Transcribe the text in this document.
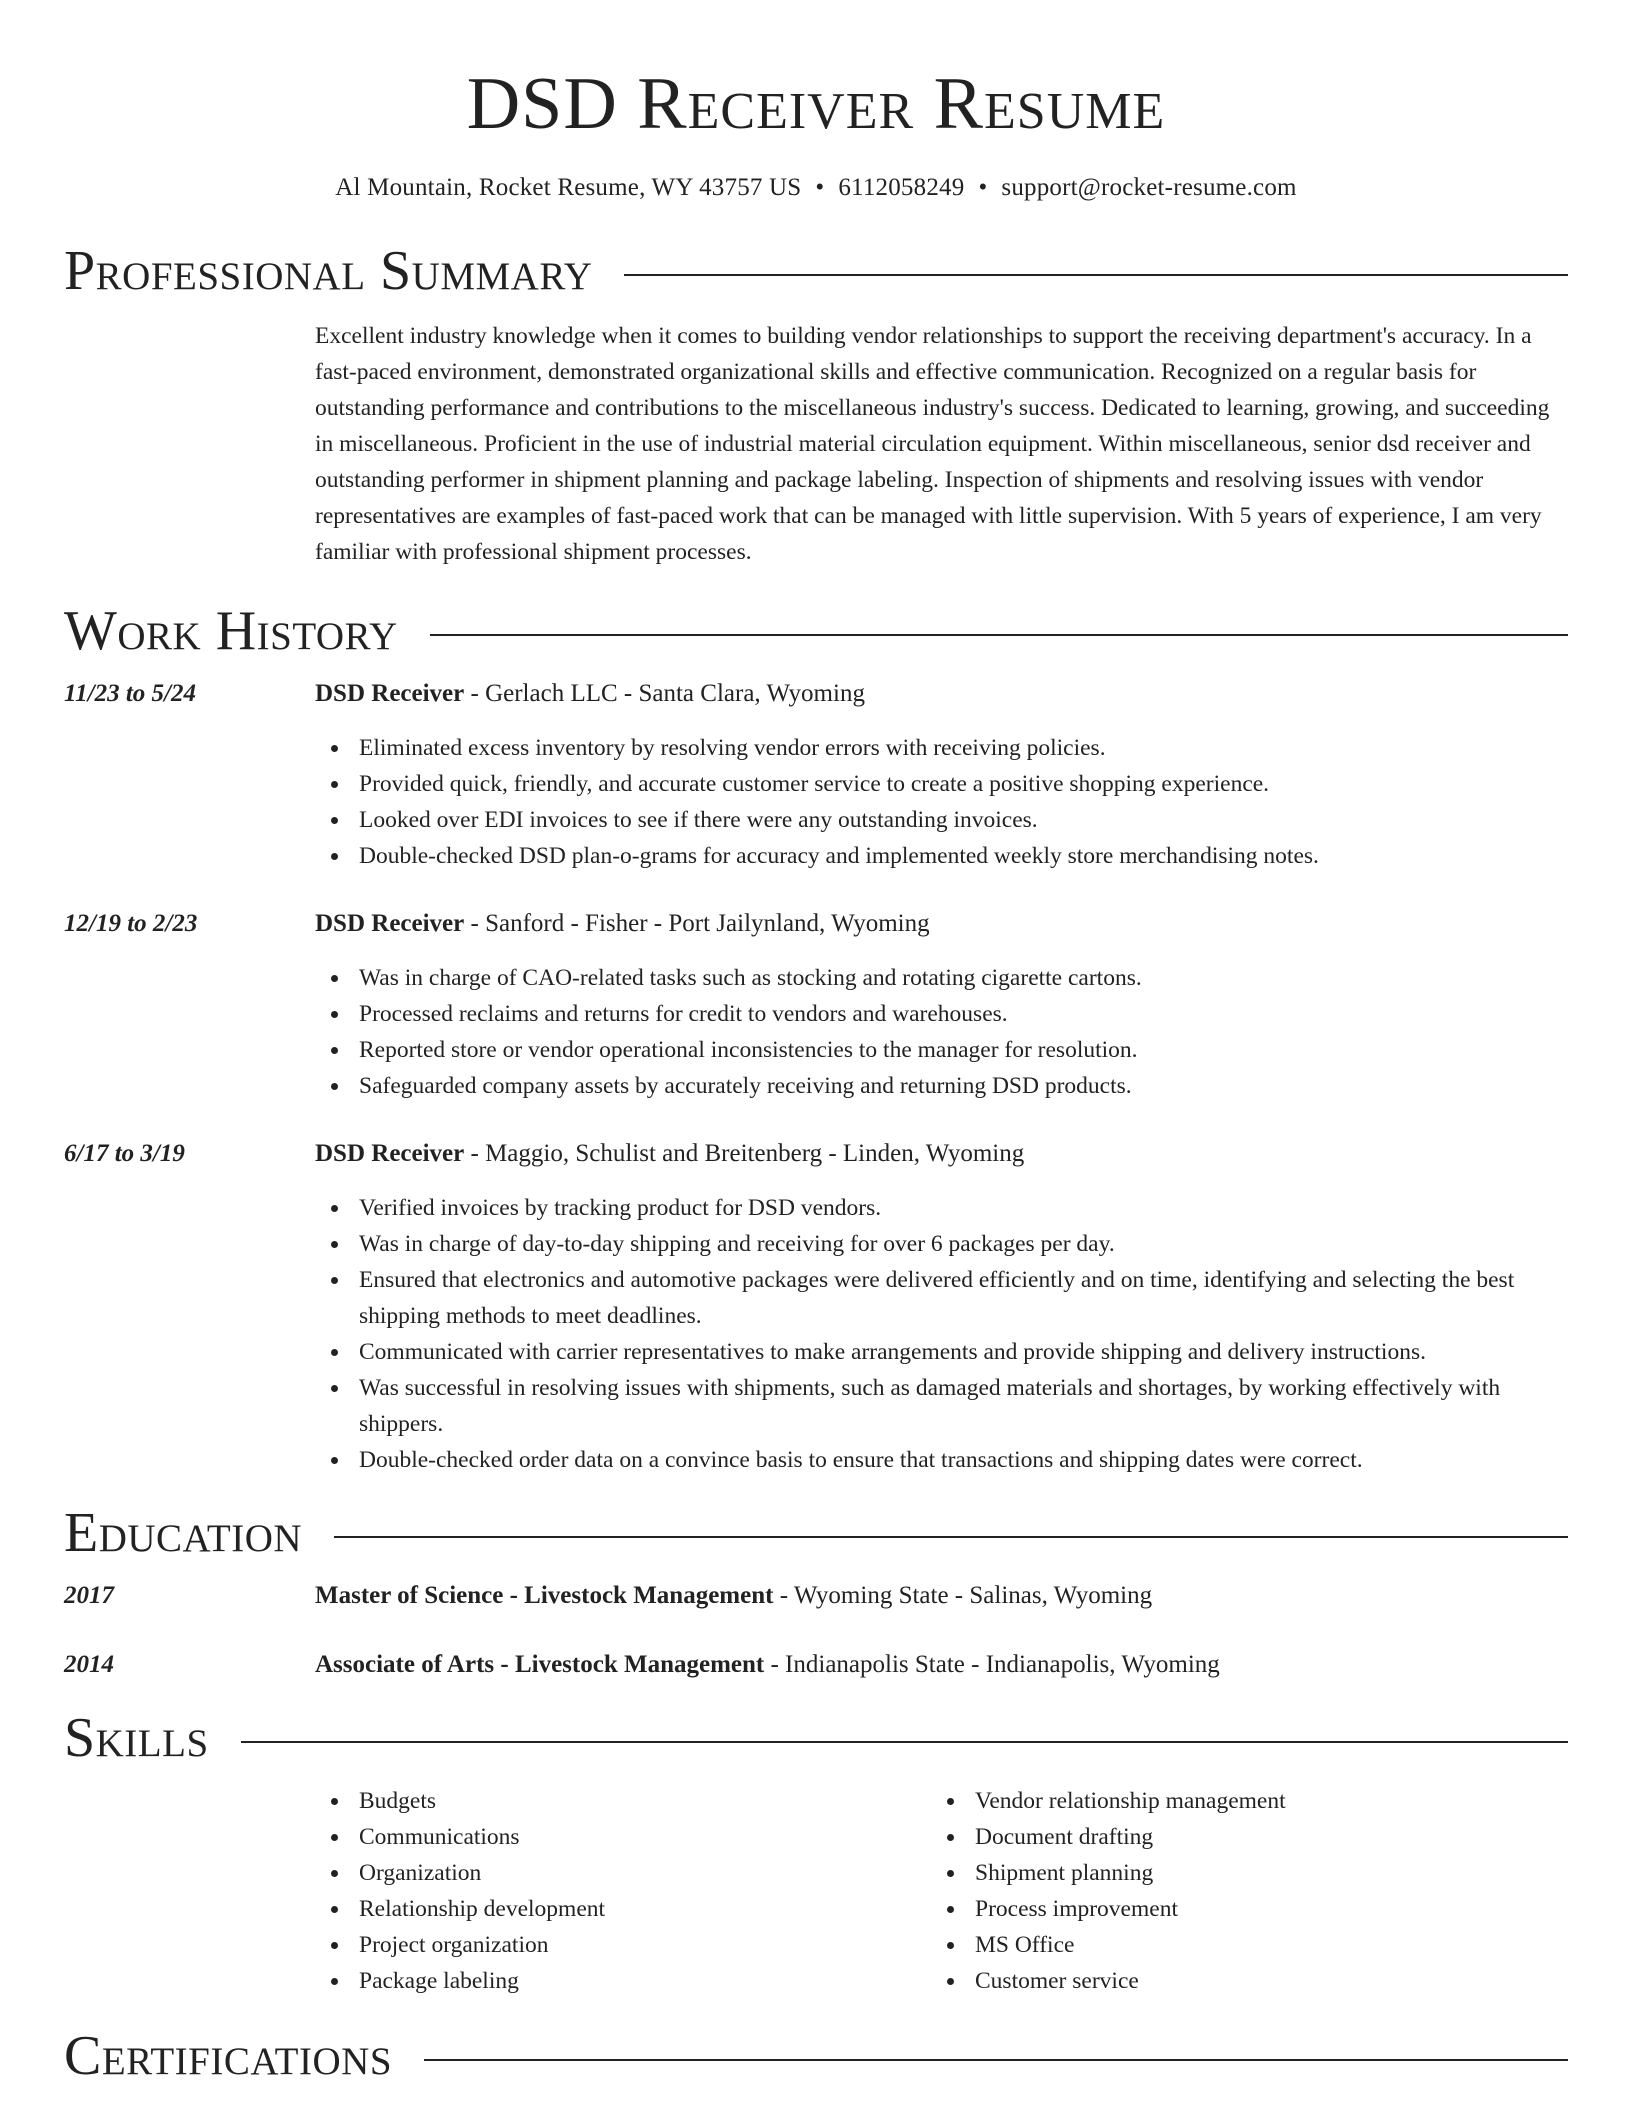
DSD Receiver Resume
Al Mountain, Rocket Resume, WY 43757 US • 6112058249 • support@rocket-resume.com
Professional Summary
Excellent industry knowledge when it comes to building vendor relationships to support the receiving department's accuracy. In a fast-paced environment, demonstrated organizational skills and effective communication. Recognized on a regular basis for outstanding performance and contributions to the miscellaneous industry's success. Dedicated to learning, growing, and succeeding in miscellaneous. Proficient in the use of industrial material circulation equipment. Within miscellaneous, senior dsd receiver and outstanding performer in shipment planning and package labeling. Inspection of shipments and resolving issues with vendor representatives are examples of fast-paced work that can be managed with little supervision. With 5 years of experience, I am very familiar with professional shipment processes.
Work History
11/23 to 5/24	DSD Receiver - Gerlach LLC - Santa Clara, Wyoming
Eliminated excess inventory by resolving vendor errors with receiving policies.
Provided quick, friendly, and accurate customer service to create a positive shopping experience.
Looked over EDI invoices to see if there were any outstanding invoices.
Double-checked DSD plan-o-grams for accuracy and implemented weekly store merchandising notes.
12/19 to 2/23	DSD Receiver - Sanford - Fisher - Port Jailynland, Wyoming
Was in charge of CAO-related tasks such as stocking and rotating cigarette cartons.
Processed reclaims and returns for credit to vendors and warehouses.
Reported store or vendor operational inconsistencies to the manager for resolution.
Safeguarded company assets by accurately receiving and returning DSD products.
6/17 to 3/19	DSD Receiver - Maggio, Schulist and Breitenberg - Linden, Wyoming
Verified invoices by tracking product for DSD vendors.
Was in charge of day-to-day shipping and receiving for over 6 packages per day.
Ensured that electronics and automotive packages were delivered efficiently and on time, identifying and selecting the best shipping methods to meet deadlines.
Communicated with carrier representatives to make arrangements and provide shipping and delivery instructions.
Was successful in resolving issues with shipments, such as damaged materials and shortages, by working effectively with shippers.
Double-checked order data on a convince basis to ensure that transactions and shipping dates were correct.
Education
2017	Master of Science - Livestock Management - Wyoming State - Salinas, Wyoming
2014	Associate of Arts - Livestock Management - Indianapolis State - Indianapolis, Wyoming
Skills
Budgets
Communications
Organization
Relationship development
Project organization
Package labeling
Vendor relationship management
Document drafting
Shipment planning
Process improvement
MS Office
Customer service
Certifications
